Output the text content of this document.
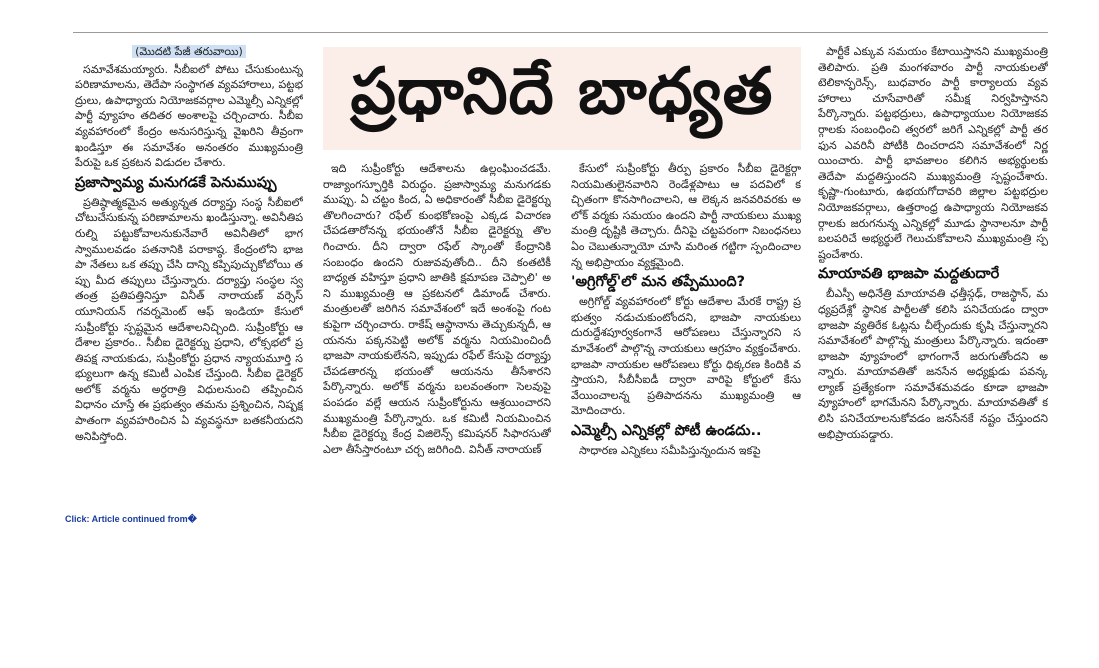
(మొదటి పేజీ తరువాయి)

సమావేశమయ్యారు. సీబీఐలో పోటు చేసుకుంటున్న పరిణామాలను, తెదేపా సంస్థాగత వ్యవహారాలు, పట్టభద్రులు, ఉపాధ్యాయ నియోజకవర్గాల ఎమ్మెల్సీ ఎన్నికల్లో పార్టీ వ్యూహం తదితర అంశాలపై చర్చించారు. సీబీఐ వ్యవహారంలో కేంద్రం అనుసరిస్తున్న వైఖరిని తీవ్రంగా ఖండిస్తూ ఈ సమావేశం అనంతరం ముఖ్యమంత్రి పేరుపై ఒక ప్రకటన విడుదల చేశారు.

ప్రజాస్వామ్య మనుగడకే పెనుముప్పు

ప్రతిష్ఠాత్మకమైన అత్యున్నత దర్యాప్తు సంస్థ సీబీఐలో చోటుచేసుకున్న పరిణామాలను ఖండిస్తున్నా. అవినీతిపరుల్ని పట్టుకోవాలనుకునేవారే అవినీతిలో భాగస్వాములవడం పతనానికి పరాకాష్ఠ. కేంద్రంలోని భాజపా నేతలు ఒక తప్పు చేసి దాన్ని కప్పిపుచ్చుకోబోయి తప్పు మీద తప్పులు చేస్తున్నారు. దర్యాప్తు సంస్థల స్వతంత్ర ప్రతిపత్తినిస్తూ వినీత్ నారాయణ్ వర్సెస్ యూనియన్ గవర్నమెంట్ ఆఫ్ ఇండియా కేసులో సుప్రీంకోర్టు స్పష్టమైన ఆదేశాలనిచ్చింది. సుప్రీంకోర్టు ఆదేశాల ప్రకారం.. సీబీఐ డైరెక్టర్ను ప్రధాని, లోక్సభలో ప్రతిపక్ష నాయకుడు, సుప్రీంకోర్టు ప్రధాన న్యాయమూర్తి సభ్యులుగా ఉన్న కమిటీ ఎంపిక చేస్తుంది. సీబీఐ డైరెక్టర్ అలోక్ వర్మను అర్ధరాత్రి విధులనుంచి తప్పించిన విధానం చూస్తే ఈ ప్రభుత్వం తమను ప్రశ్నించిన, నిష్పక్షపాతంగా వ్యవహరించిన ఏ వ్యవస్థనూ బతకనీయదని అనిపిస్తోంది.

ప్రధానిదే బాధ్యత

ఇది సుప్రీంకోర్టు ఆదేశాలను ఉల్లంఘించడమే. రాజ్యాంగస్ఫూర్తికి విరుద్ధం. ప్రజాస్వామ్య మనుగడకు ముప్పు. ఏ చట్టం కింద, ఏ అధికారంతో సీబీఐ డైరెక్టర్ను తొలగించారు? రఫేల్ కుంభకోణంపై ఎక్కడ విచారణ చేపడతారోనన్న భయంతోనే సీబీఐ డైరెక్టర్ను తొలగించారు. దీని ద్వారా రఫేల్ స్కాంతో కేంద్రానికి సంబంధం ఉందని రుజువవుతోంది.. దీని కంతటికీ బాధ్యత వహిస్తూ ప్రధాని జాతికి క్షమాపణ చెప్పాలి' అని ముఖ్యమంత్రి ఆ ప్రకటనలో డిమాండ్ చేశారు. మంత్రులతో జరిగిన సమావేశంలో ఇదే అంశంపై గంటకుపైగా చర్చించారు. రాకేష్ ఆస్థానాను తెచ్చుకున్నదీ, ఆయనను పక్కనపెట్టి అలోక్ వర్మను నియమించిందీ భాజపా నాయకులేనని, ఇప్పుడు రఫేల్ కేసుపై దర్యాప్తు చేపడతారన్న భయంతో ఆయనను తీసేశారని పేర్కొన్నారు. అలోక్ వర్మను బలవంతంగా సెలవుపై పంపడం వల్లే ఆయన సుప్రీంకోర్టును ఆశ్రయించారని ముఖ్యమంత్రి పేర్కొన్నారు. ఒక కమిటీ నియమించిన సీబీఐ డైరెక్టర్ను కేంద్ర విజిలెన్స్ కమిషనర్ సిఫారసుతో ఎలా తీసేస్తారంటూ చర్చ జరిగింది. వినీత్ నారాయణ్

కేసులో సుప్రీంకోర్టు తీర్పు ప్రకారం సీబీఐ డైరెక్టర్గా నియమితులైనవారిని రెండేళ్లపాటు ఆ పదవిలో కచ్చితంగా కొనసాగించాలని, ఆ లెక్కన జనవరివరకు అలోక్ వర్మకు సమయం ఉందని పార్టీ నాయకులు ముఖ్యమంత్రి దృష్టికి తెచ్చారు. దీనిపై చట్టపరంగా నిబంధనలు ఏం చెబుతున్నాయో చూసి మరింత గట్టిగా స్పందించాలన్న అభిప్రాయం వ్యక్తమైంది.

'అగ్రిగోల్డ్'లో మన తప్పేముంది?

అగ్రిగోల్డ్ వ్యవహారంలో కోర్టు ఆదేశాల మేరకే రాష్ట్ర ప్రభుత్వం నడుచుకుంటోందని, భాజపా నాయకులు దురుద్దేశపూర్వకంగానే ఆరోపణలు చేస్తున్నారని సమావేశంలో పాల్గొన్న నాయకులు ఆగ్రహం వ్యక్తంచేశారు. భాజపా నాయకుల ఆరోపణలు కోర్టు ధిక్కరణ కిందికి వస్తాయని, సీబీసీఐడీ ద్వారా వారిపై కోర్టులో కేసు వేయించాలన్న ప్రతిపాదనను ముఖ్యమంత్రి ఆమోదించారు.

ఎమ్మెల్సీ ఎన్నికల్లో పోటీ ఉండదు..

సాధారణ ఎన్నికలు సమీపిస్తున్నందున ఇకపై

పార్టీకే ఎక్కువ సమయం కేటాయిస్తానని ముఖ్యమంత్రి తెలిపారు. ప్రతి మంగళవారం పార్టీ నాయకులతో టెలికాన్ఫరెన్స్, బుధవారం పార్టీ కార్యాలయ వ్యవహారాలు చూసేవారితో సమీక్ష నిర్వహిస్తానని పేర్కొన్నారు. పట్టభద్రులు, ఉపాధ్యాయుల నియోజకవర్గాలకు సంబంధించి త్వరలో జరిగే ఎన్నికల్లో పార్టీ తరఫున ఎవరినీ పోటీకి దించరాదని సమావేశంలో నిర్ణయించారు. పార్టీ భావజాలం కలిగిన అభ్యర్థులకు తెదేపా మద్దతిస్తుందని ముఖ్యమంత్రి స్పష్టంచేశారు. కృష్ణా-గుంటూరు, ఉభయగోదావరి జిల్లాల పట్టభద్రుల నియోజకవర్గాలు, ఉత్తరాంధ్ర ఉపాధ్యాయ నియోజకవర్గాలకు జరుగనున్న ఎన్నికల్లో మూడు స్థానాలనూ పార్టీ బలపరిచే అభ్యర్థులే గెలుచుకోవాలని ముఖ్యమంత్రి స్పష్టంచేశారు.

మాయావతి భాజపా మద్దతుదారే

బీఎస్పీ అధినేత్రి మాయావతి ఛత్తీస్గఢ్, రాజస్థాన్, మధ్యప్రదేశ్లో స్థానిక పార్టీలతో కలిసి పనిచేయడం ద్వారా భాజపా వ్యతిరేక ఓట్లను చీల్చేందుకు కృషి చేస్తున్నారని సమావేశంలో పాల్గొన్న మంత్రులు పేర్కొన్నారు. ఇదంతా భాజపా వ్యూహంలో భాగంగానే జరుగుతోందని అన్నారు. మాయావతితో జనసేన అధ్యక్షుడు పవన్కల్యాణ్ ప్రత్యేకంగా సమావేశమవడం కూడా భాజపా వ్యూహంలో భాగమేనని పేర్కొన్నారు. మాయావతితో కలిసి పనిచేయాలనుకోవడం జనసేనకే నష్టం చేస్తుందని అభిప్రాయపడ్డారు.

Click: Article continued from�
